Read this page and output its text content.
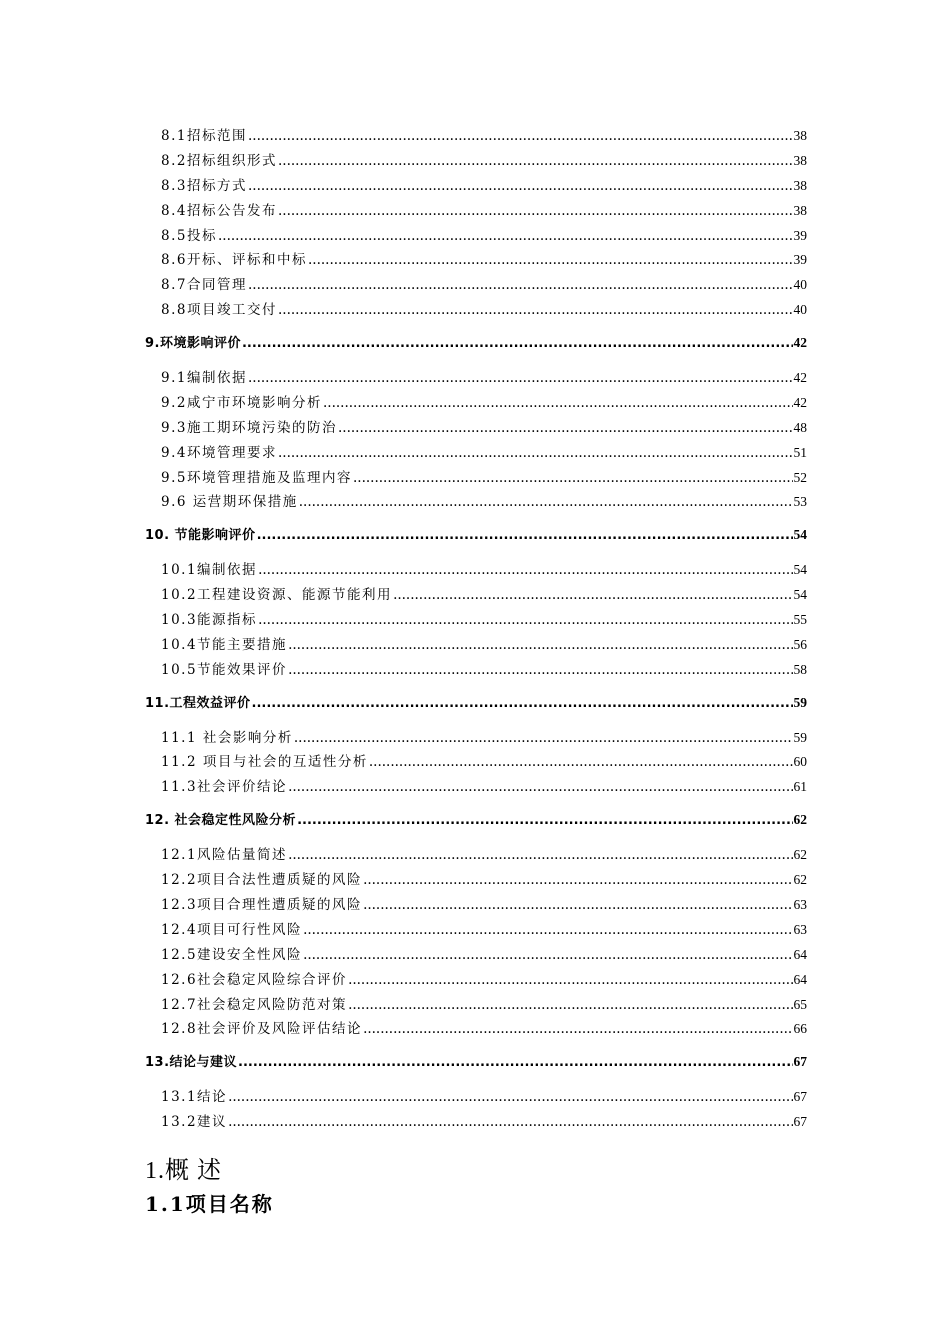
8.1招标范围 .....	38
8.2招标组织形式 .....	38
8.3招标方式 .....	38
8.4招标公告发布 .....	38
8.5投标 .....	39
8.6开标、评标和中标 .....	39
8.7合同管理 .....	40
8.8项目竣工交付 .....	40
9.环境影响评价 .....	42
9.1编制依据 .....	42
9.2咸宁市环境影响分析 .....	42
9.3施工期环境污染的防治 .....	48
9.4环境管理要求 .....	51
9.5环境管理措施及监理内容 .....	52
9.6 运营期环保措施 .....	53
10. 节能影响评价 .....	54
10.1编制依据 .....	54
10.2工程建设资源、能源节能利用 .....	54
10.3能源指标 .....	55
10.4节能主要措施 .....	56
10.5节能效果评价 .....	58
11.工程效益评价 .....	59
11.1 社会影响分析 .....	59
11.2 项目与社会的互适性分析 .....	60
11.3社会评价结论 .....	61
12. 社会稳定性风险分析 .....	62
12.1风险估量简述 .....	62
12.2项目合法性遭质疑的风险 .....	62
12.3项目合理性遭质疑的风险 .....	63
12.4项目可行性风险 .....	63
12.5建设安全性风险 .....	64
12.6社会稳定风险综合评价 .....	64
12.7社会稳定风险防范对策 .....	65
12.8社会评价及风险评估结论 .....	66
13.结论与建议 .....	67
13.1结论 .....	67
13.2建议 .....	67
1.概 述
1.1项目名称
